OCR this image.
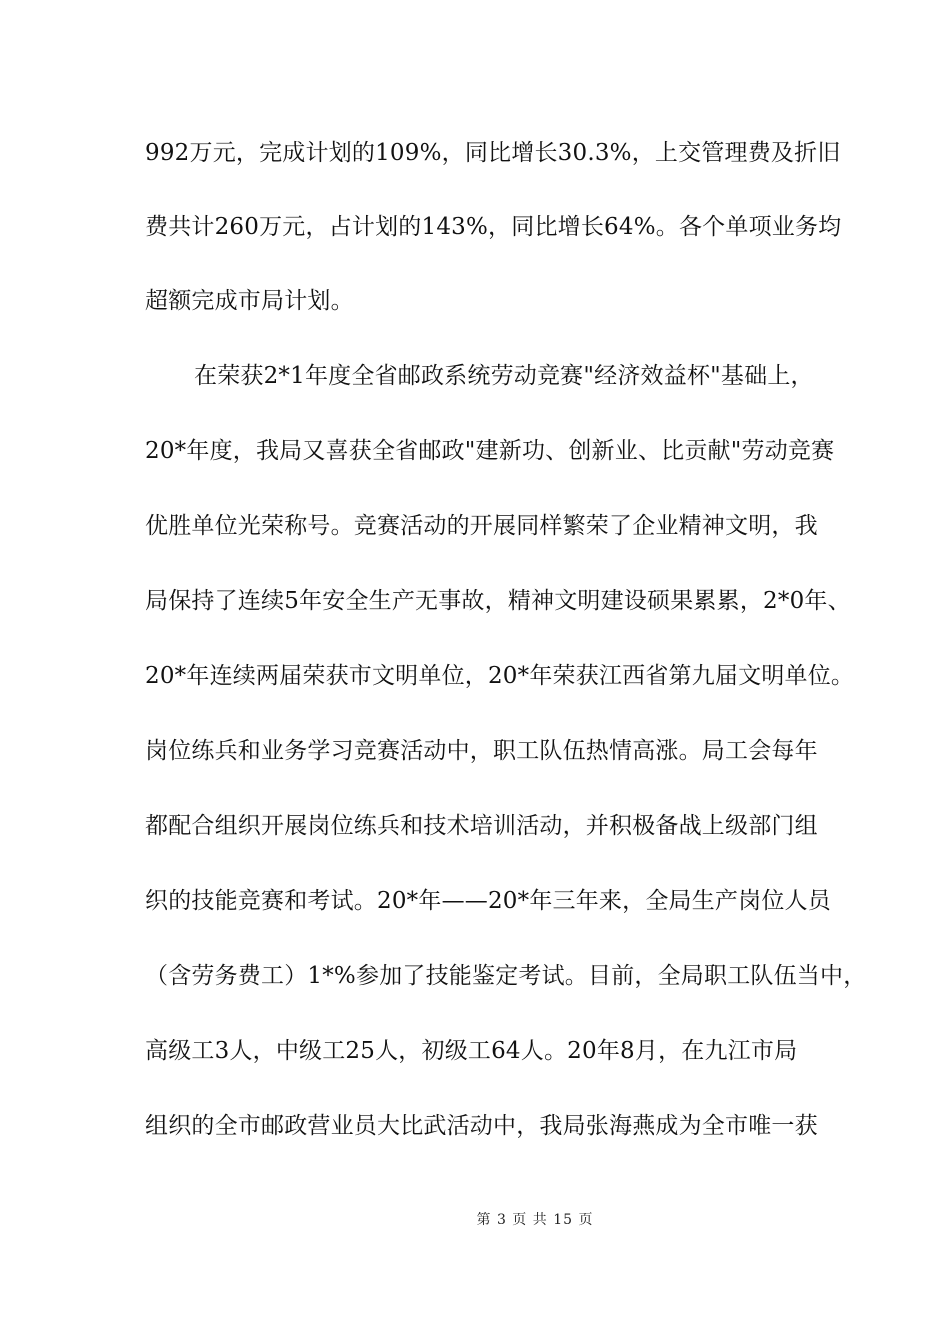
992万元，完成计划的109%，同比增长30.3%，上交管理费及折旧
费共计260万元，占计划的143%，同比增长64%。各个单项业务均
超额完成市局计划。
在荣获2*1年度全省邮政系统劳动竞赛"经济效益杯"基础上，
20*年度，我局又喜获全省邮政"建新功、创新业、比贡献"劳动竞赛
优胜单位光荣称号。竞赛活动的开展同样繁荣了企业精神文明，我
局保持了连续5年安全生产无事故，精神文明建设硕果累累，2*0年、
20*年连续两届荣获市文明单位，20*年荣获江西省第九届文明单位。
岗位练兵和业务学习竞赛活动中，职工队伍热情高涨。局工会每年
都配合组织开展岗位练兵和技术培训活动，并积极备战上级部门组
织的技能竞赛和考试。20*年——20*年三年来，全局生产岗位人员
（含劳务费工）1*%参加了技能鉴定考试。目前，全局职工队伍当中，
高级工3人，中级工25人，初级工64人。20年8月，在九江市局
组织的全市邮政营业员大比武活动中，我局张海燕成为全市唯一获
第 3 页 共 15 页
